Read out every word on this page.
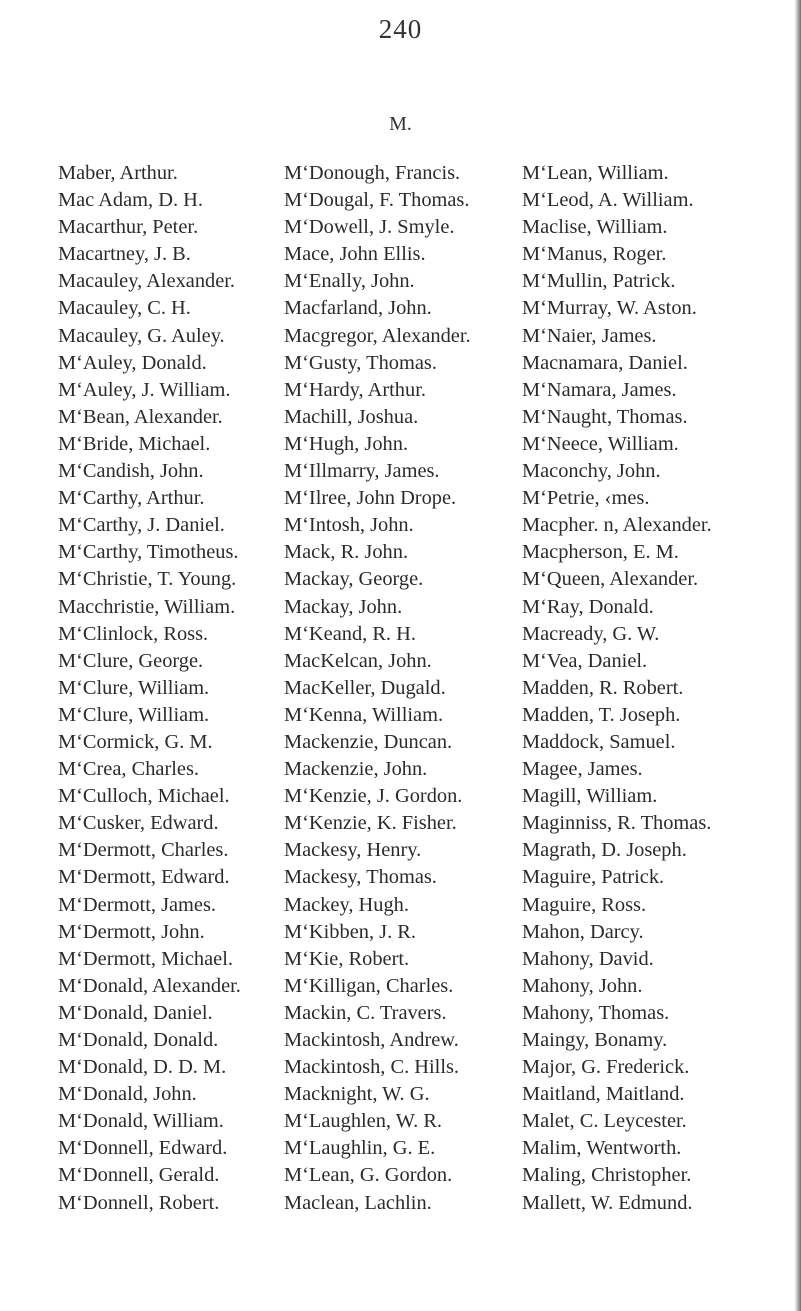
240
M.
Maber, Arthur.
Mac Adam, D. H.
Macarthur, Peter.
Macartney, J. B.
Macauley, Alexander.
Macauley, C. H.
Macauley, G. Auley.
M‘Auley, Donald.
M‘Auley, J. William.
M‘Bean, Alexander.
M‘Bride, Michael.
M‘Candish, John.
M‘Carthy, Arthur.
M‘Carthy, J. Daniel.
M‘Carthy, Timotheus.
M‘Christie, T. Young.
Macchristie, William.
M‘Clinlock, Ross.
M‘Clure, George.
M‘Clure, William.
M‘Clure, William.
M‘Cormick, G. M.
M‘Crea, Charles.
M‘Culloch, Michael.
M‘Cusker, Edward.
M‘Dermott, Charles.
M‘Dermott, Edward.
M‘Dermott, James.
M‘Dermott, John.
M‘Dermott, Michael.
M‘Donald, Alexander.
M‘Donald, Daniel.
M‘Donald, Donald.
M‘Donald, D. D. M.
M‘Donald, John.
M‘Donald, William.
M‘Donnell, Edward.
M‘Donnell, Gerald.
M‘Donnell, Robert.
M‘Donough, Francis.
M‘Dougal, F. Thomas.
M‘Dowell, J. Smyle.
Mace, John Ellis.
M‘Enally, John.
Macfarland, John.
Macgregor, Alexander.
M‘Gusty, Thomas.
M‘Hardy, Arthur.
Machill, Joshua.
M‘Hugh, John.
M‘Illmarry, James.
M‘Ilree, John Drope.
M‘Intosh, John.
Mack, R. John.
Mackay, George.
Mackay, John.
M‘Keand, R. H.
MacKelcan, John.
MacKeller, Dugald.
M‘Kenna, William.
Mackenzie, Duncan.
Mackenzie, John.
M‘Kenzie, J. Gordon.
M‘Kenzie, K. Fisher.
Mackesy, Henry.
Mackesy, Thomas.
Mackey, Hugh.
M‘Kibben, J. R.
M‘Kie, Robert.
M‘Killigan, Charles.
Mackin, C. Travers.
Mackintosh, Andrew.
Mackintosh, C. Hills.
Macknight, W. G.
M‘Laughlen, W. R.
M‘Laughlin, G. E.
M‘Lean, G. Gordon.
Maclean, Lachlin.
M‘Lean, William.
M‘Leod, A. William.
Maclise, William.
M‘Manus, Roger.
M‘Mullin, Patrick.
M‘Murray, W. Aston.
M‘Naier, James.
Macnamara, Daniel.
M‘Namara, James.
M‘Naught, Thomas.
M‘Neece, William.
Maconchy, John.
M‘Petrie, ‹mes.
Macpher. n, Alexander.
Macpherson, E. M.
M‘Queen, Alexander.
M‘Ray, Donald.
Macready, G. W.
M‘Vea, Daniel.
Madden, R. Robert.
Madden, T. Joseph.
Maddock, Samuel.
Magee, James.
Magill, William.
Maginniss, R. Thomas.
Magrath, D. Joseph.
Maguire, Patrick.
Maguire, Ross.
Mahon, Darcy.
Mahony, David.
Mahony, John.
Mahony, Thomas.
Maingy, Bonamy.
Major, G. Frederick.
Maitland, Maitland.
Malet, C. Leycester.
Malim, Wentworth.
Maling, Christopher.
Mallett, W. Edmund.
